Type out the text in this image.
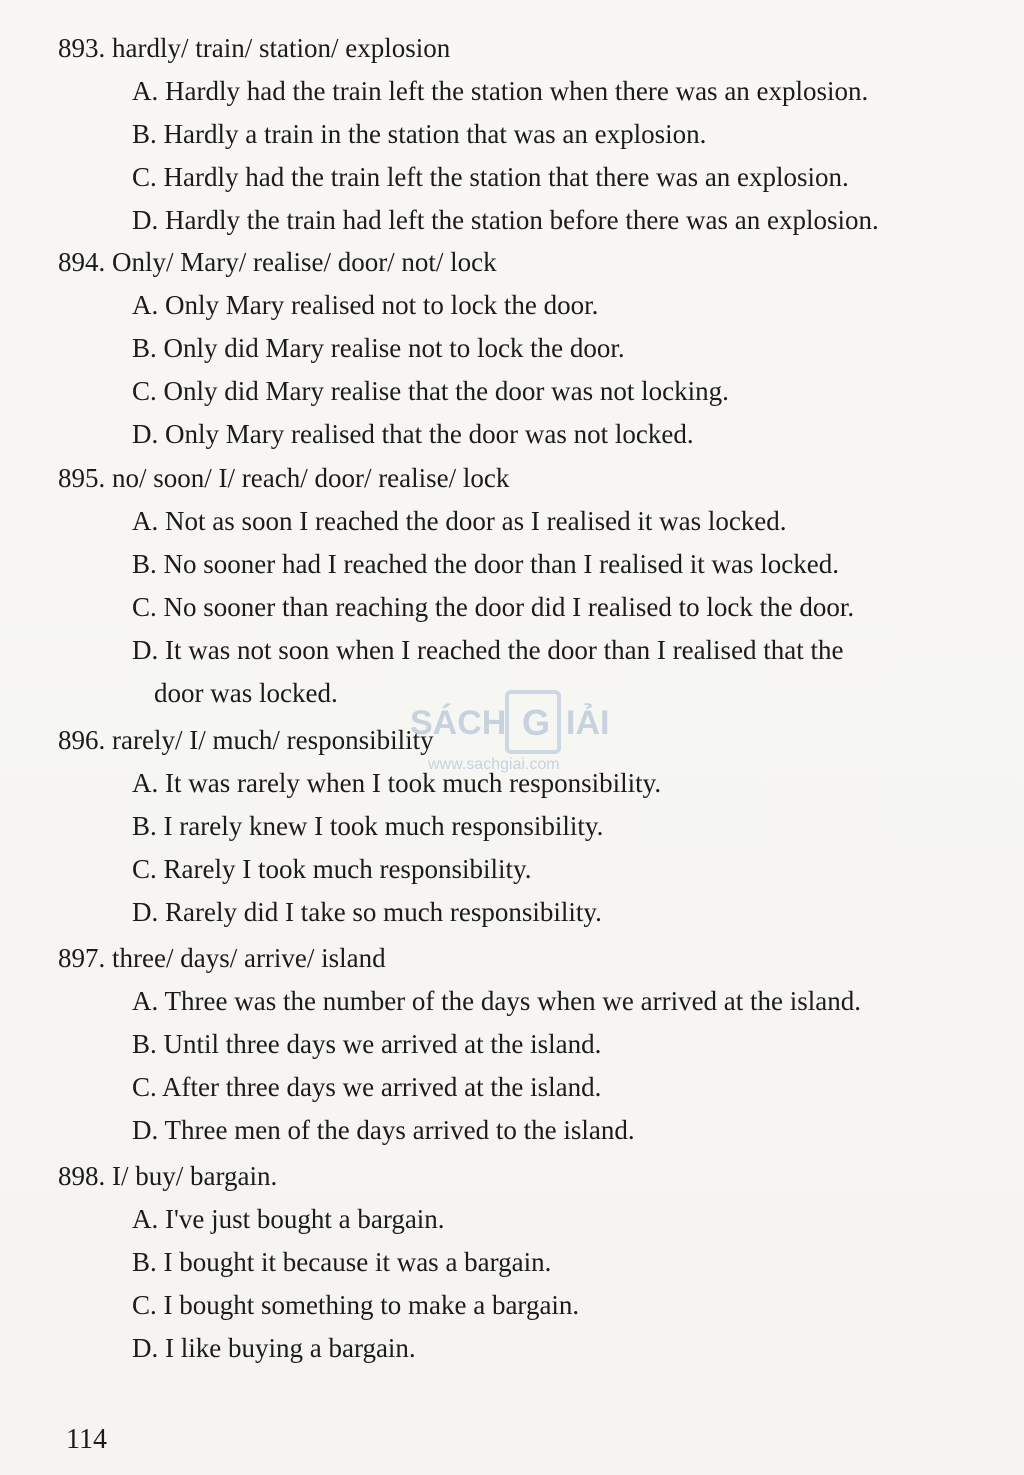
893. hardly/ train/ station/ explosion
A. Hardly had the train left the station when there was an explosion.
B. Hardly a train in the station that was an explosion.
C. Hardly had the train left the station that there was an explosion.
D. Hardly the train had left the station before there was an explosion.
894. Only/ Mary/ realise/ door/ not/ lock
A. Only Mary realised not to lock the door.
B. Only did Mary realise not to lock the door.
C. Only did Mary realise that the door was not locking.
D. Only Mary realised that the door was not locked.
895. no/ soon/ I/ reach/ door/ realise/ lock
A. Not as soon I reached the door as I realised it was locked.
B. No sooner had I reached the door than I realised it was locked.
C. No sooner than reaching the door did I realised to lock the door.
D. It was not soon when I reached the door than I realised that the
door was locked.
896. rarely/ I/ much/ responsibility
A. It was rarely when I took much responsibility.
B. I rarely knew I took much responsibility.
C. Rarely I took much responsibility.
D. Rarely did I take so much responsibility.
897. three/ days/ arrive/ island
A. Three was the number of the days when we arrived at the island.
B. Until three days we arrived at the island.
C. After three days we arrived at the island.
D. Three men of the days arrived to the island.
898. I/ buy/ bargain.
A. I've just bought a bargain.
B. I bought it because it was a bargain.
C. I bought something to make a bargain.
D. I like buying a bargain.
SÁCH G IẢI
www.sachgiai.com
114
